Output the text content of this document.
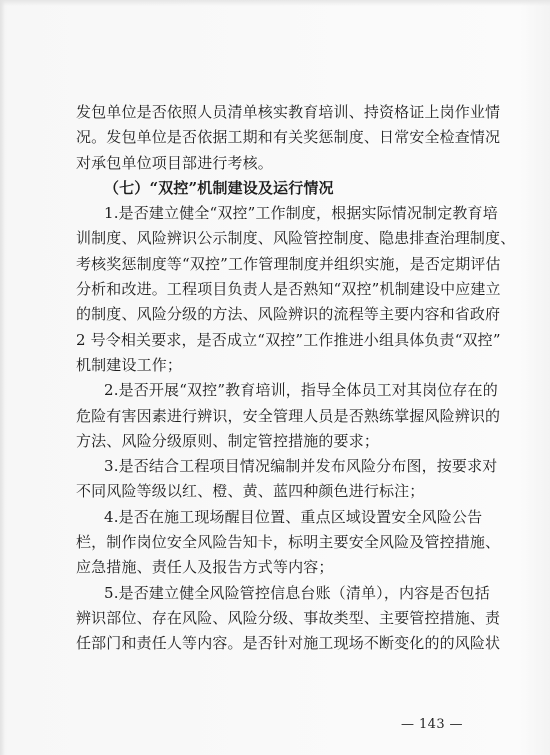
发包单位是否依照人员清单核实教育培训、持资格证上岗作业情
况。发包单位是否依据工期和有关奖惩制度、日常安全检查情况
对承包单位项目部进行考核。
（七）“双控”机制建设及运行情况
1.是否建立健全“双控”工作制度，根据实际情况制定教育培
训制度、风险辨识公示制度、风险管控制度、隐患排查治理制度、
考核奖惩制度等“双控”工作管理制度并组织实施，是否定期评估
分析和改进。工程项目负责人是否熟知“双控”机制建设中应建立
的制度、风险分级的方法、风险辨识的流程等主要内容和省政府
2 号令相关要求，是否成立“双控”工作推进小组具体负责“双控”
机制建设工作；
2.是否开展“双控”教育培训，指导全体员工对其岗位存在的
危险有害因素进行辨识，安全管理人员是否熟练掌握风险辨识的
方法、风险分级原则、制定管控措施的要求；
3.是否结合工程项目情况编制并发布风险分布图，按要求对
不同风险等级以红、橙、黄、蓝四种颜色进行标注；
4.是否在施工现场醒目位置、重点区域设置安全风险公告
栏，制作岗位安全风险告知卡，标明主要安全风险及管控措施、
应急措施、责任人及报告方式等内容；
5.是否建立健全风险管控信息台账（清单），内容是否包括
辨识部位、存在风险、风险分级、事故类型、主要管控措施、责
任部门和责任人等内容。是否针对施工现场不断变化的的风险状
— 143 —
